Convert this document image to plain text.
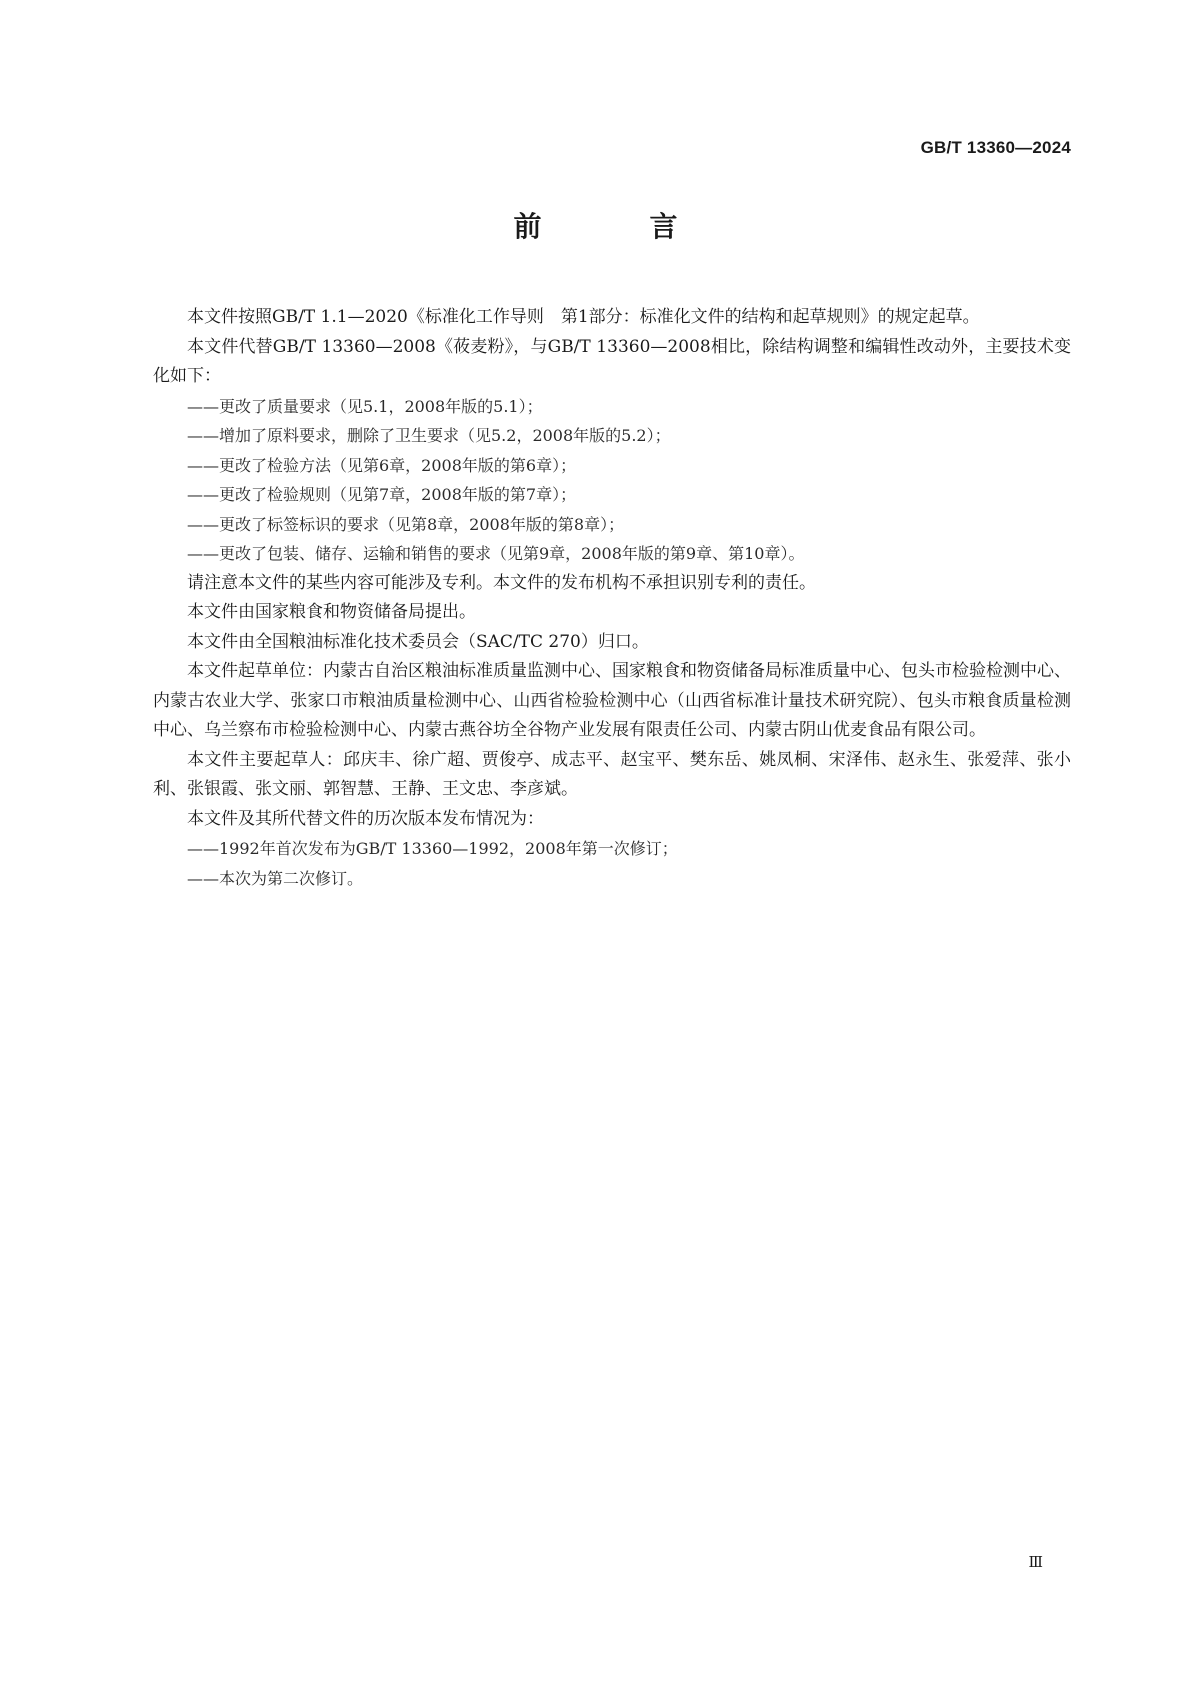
GB/T 13360—2024
前　言

本文件按照GB/T 1.1—2020《标准化工作导则　第1部分：标准化文件的结构和起草规则》的规定起草。

本文件代替GB/T 13360—2008《莜麦粉》，与GB/T 13360—2008相比，除结构调整和编辑性改动外，主要技术变化如下：

——更改了质量要求（见5.1，2008年版的5.1）；

——增加了原料要求，删除了卫生要求（见5.2，2008年版的5.2）；

——更改了检验方法（见第6章，2008年版的第6章）；

——更改了检验规则（见第7章，2008年版的第7章）；

——更改了标签标识的要求（见第8章，2008年版的第8章）；

——更改了包装、储存、运输和销售的要求（见第9章，2008年版的第9章、第10章）。

请注意本文件的某些内容可能涉及专利。本文件的发布机构不承担识别专利的责任。

本文件由国家粮食和物资储备局提出。

本文件由全国粮油标准化技术委员会（SAC/TC 270）归口。

本文件起草单位：内蒙古自治区粮油标准质量监测中心、国家粮食和物资储备局标准质量中心、包头市检验检测中心、内蒙古农业大学、张家口市粮油质量检测中心、山西省检验检测中心（山西省标准计量技术研究院）、包头市粮食质量检测中心、乌兰察布市检验检测中心、内蒙古燕谷坊全谷物产业发展有限责任公司、内蒙古阴山优麦食品有限公司。

本文件主要起草人：邱庆丰、徐广超、贾俊亭、成志平、赵宝平、樊东岳、姚凤桐、宋泽伟、赵永生、张爱萍、张小利、张银霞、张文丽、郭智慧、王静、王文忠、李彦斌。

本文件及其所代替文件的历次版本发布情况为：

——1992年首次发布为GB/T 13360—1992，2008年第一次修订；

——本次为第二次修订。

Ⅲ
